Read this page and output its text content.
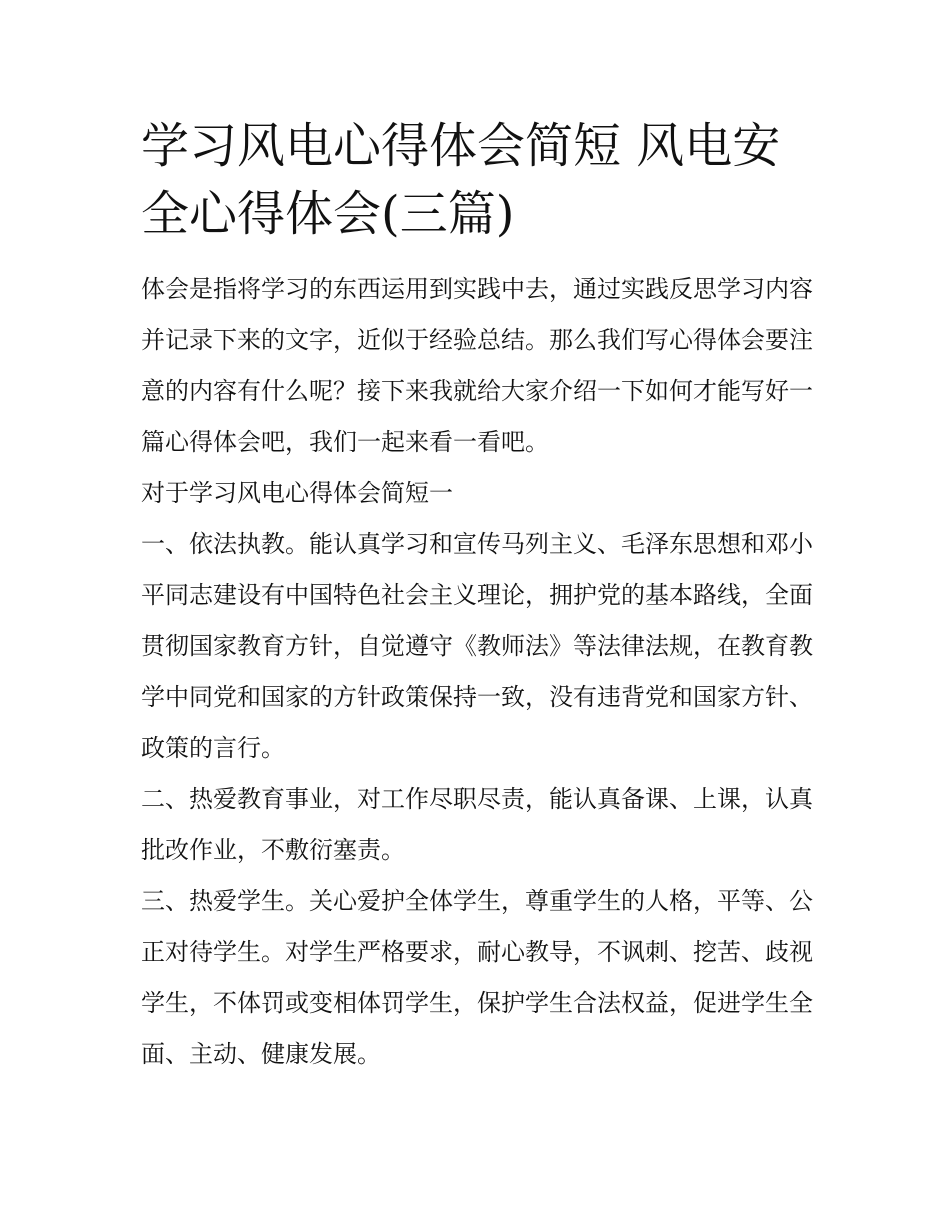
学习风电心得体会简短 风电安全心得体会(三篇)

体会是指将学习的东西运用到实践中去，通过实践反思学习内容并记录下来的文字，近似于经验总结。那么我们写心得体会要注意的内容有什么呢？接下来我就给大家介绍一下如何才能写好一篇心得体会吧，我们一起来看一看吧。

对于学习风电心得体会简短一

一、依法执教。能认真学习和宣传马列主义、毛泽东思想和邓小平同志建设有中国特色社会主义理论，拥护党的基本路线，全面贯彻国家教育方针，自觉遵守《教师法》等法律法规，在教育教学中同党和国家的方针政策保持一致，没有违背党和国家方针、政策的言行。

二、热爱教育事业，对工作尽职尽责，能认真备课、上课，认真批改作业，不敷衍塞责。

三、热爱学生。关心爱护全体学生，尊重学生的人格，平等、公正对待学生。对学生严格要求，耐心教导，不讽刺、挖苦、歧视学生，不体罚或变相体罚学生，保护学生合法权益，促进学生全面、主动、健康发展。
